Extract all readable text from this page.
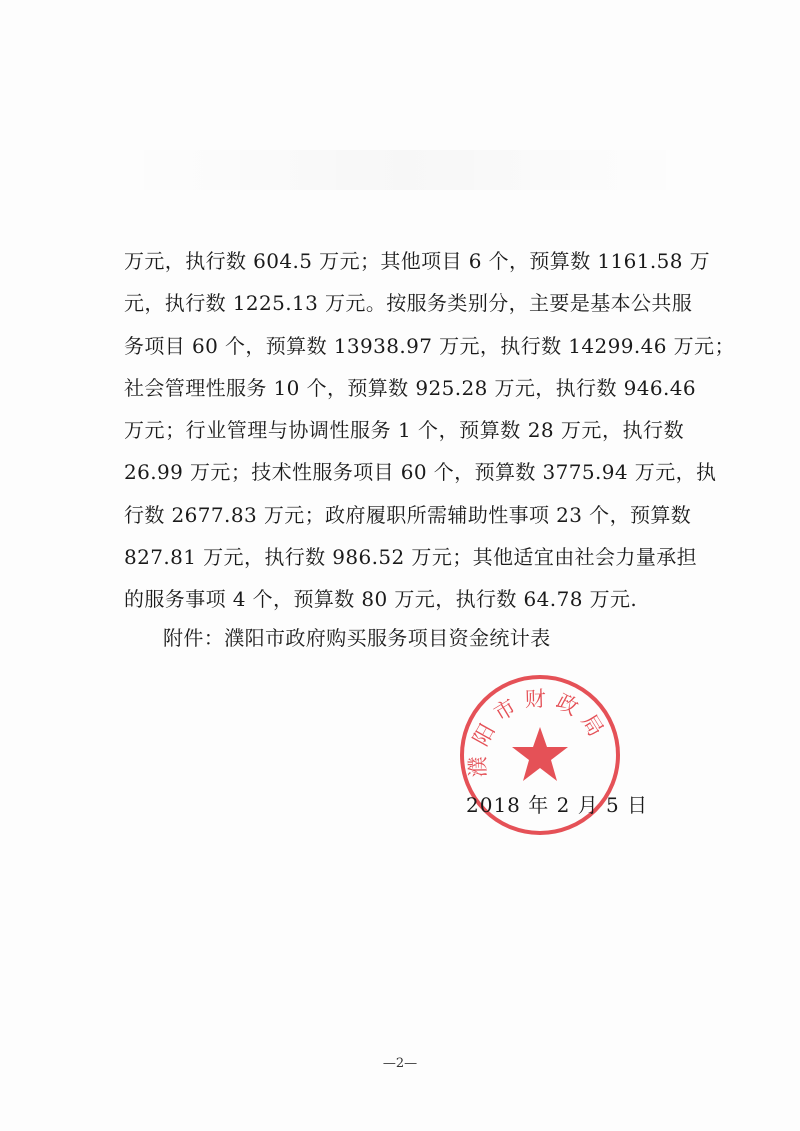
万元，执行数 604.5 万元；其他项目 6 个，预算数 1161.58 万
元，执行数 1225.13 万元。按服务类别分，主要是基本公共服
务项目 60 个，预算数 13938.97 万元，执行数 14299.46 万元；
社会管理性服务 10 个，预算数 925.28 万元，执行数 946.46
万元；行业管理与协调性服务 1 个，预算数 28 万元，执行数
26.99 万元；技术性服务项目 60 个，预算数 3775.94 万元，执
行数 2677.83 万元；政府履职所需辅助性事项 23 个，预算数
827.81 万元，执行数 986.52 万元；其他适宜由社会力量承担
的服务事项 4 个，预算数 80 万元，执行数 64.78 万元.
附件：濮阳市政府购买服务项目资金统计表
濮阳市财政局
2018 年 2 月 5 日
—2—
